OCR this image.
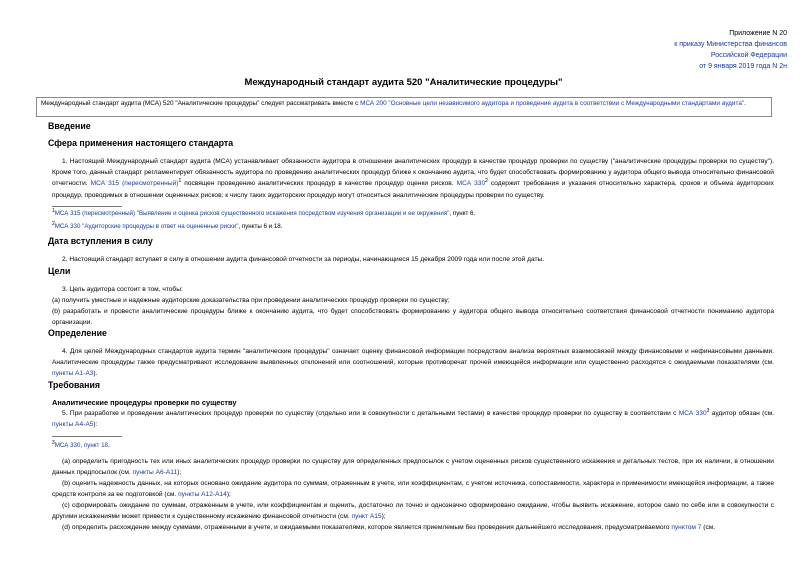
Приложение N 20
к приказу Министерства финансов
Российской Федерации
от 9 января 2019 года N 2н
Международный стандарт аудита 520 "Аналитические процедуры"
Международный стандарт аудита (МСА) 520 "Аналитические процедуры" следует рассматривать вместе с МСА 200 "Основные цели независимого аудитора и проведение аудита в соответствии с Международными стандартами аудита".
Введение
Сфера применения настоящего стандарта
1. Настоящий Международный стандарт аудита (МСА) устанавливает обязанности аудитора в отношении аналитических процедур в качестве процедур проверки по существу ("аналитические процедуры проверки по существу"). Кроме того, данный стандарт регламентирует обязанность аудитора по проведению аналитических процедур ближе к окончанию аудита, что будет способствовать формированию у аудитора общего вывода относительно финансовой отчетности. МСА 315 (пересмотренный)$^1$ посвящен проведению аналитических процедур в качестве процедур оценки рисков. МСА $330^2$ содержит требования и указания относительно характера, сроков и объема аудиторских процедур, проводимых в отношении оцененных рисков; к числу таких аудиторских процедур могут относиться аналитические процедуры проверки по существу.
$^1$МСА 315 (пересмотренный) "Выявление и оценка рисков существенного искажения посредством изучения организации и ее окружения", пункт 6.
$^2$МСА 330 "Аудиторские процедуры в ответ на оцененные риски", пункты 6 и 18.
Дата вступления в силу
2. Настоящий стандарт вступает в силу в отношении аудита финансовой отчетности за периоды, начинающиеся 15 декабря 2009 года или после этой даты.
Цели
3. Цель аудитора состоит в том, чтобы:
(a) получить уместные и надежные аудиторские доказательства при проведении аналитических процедур проверки по существу;
(b) разработать и провести аналитические процедуры ближе к окончанию аудита, что будет способствовать формированию у аудитора общего вывода относительно соответствия финансовой отчетности пониманию аудитора организации.
Определение
4. Для целей Международных стандартов аудита термин "аналитические процедуры" означает оценку финансовой информации посредством анализа вероятных взаимосвязей между финансовыми и нефинансовыми данными. Аналитические процедуры также предусматривают исследование выявленных отклонений или соотношений, которые противоречат прочей имеющейся информации или существенно расходятся с ожидаемыми показателями (см. пункты А1-А3).
Требования
Аналитические процедуры проверки по существу
5. При разработке и проведении аналитических процедур проверки по существу (отдельно или в совокупности с детальными тестами) в качестве процедур проверки по существу в соответствии с МСА $330^3$ аудитор обязан (см. пункты А4-А5):
$^3$МСА 330, пункт 18.
(a) определить пригодность тех или иных аналитических процедур проверки по существу для определенных предпосылок с учетом оцененных рисков существенного искажения и детальных тестов, при их наличии, в отношении данных предпосылок (см. пункты А6-А11);
(b) оценить надежность данных, на которых основано ожидание аудитора по суммам, отраженным в учете, или коэффициентам, с учетом источника, сопоставимости, характера и применимости имеющейся информации, а также средств контроля за ее подготовкой (см. пункты А12-А14);
(c) сформировать ожидание по суммам, отраженным в учете, или коэффициентам и оценить, достаточно ли точно и однозначно сформировано ожидание, чтобы выявить искажение, которое само по себе или в совокупности с другими искажениями может привести к существенному искажению финансовой отчетности (см. пункт А15);
(d) определить расхождение между суммами, отраженными в учете, и ожидаемыми показателями, которое является приемлемым без проведения дальнейшего исследования, предусматриваемого пунктом 7 (см.
